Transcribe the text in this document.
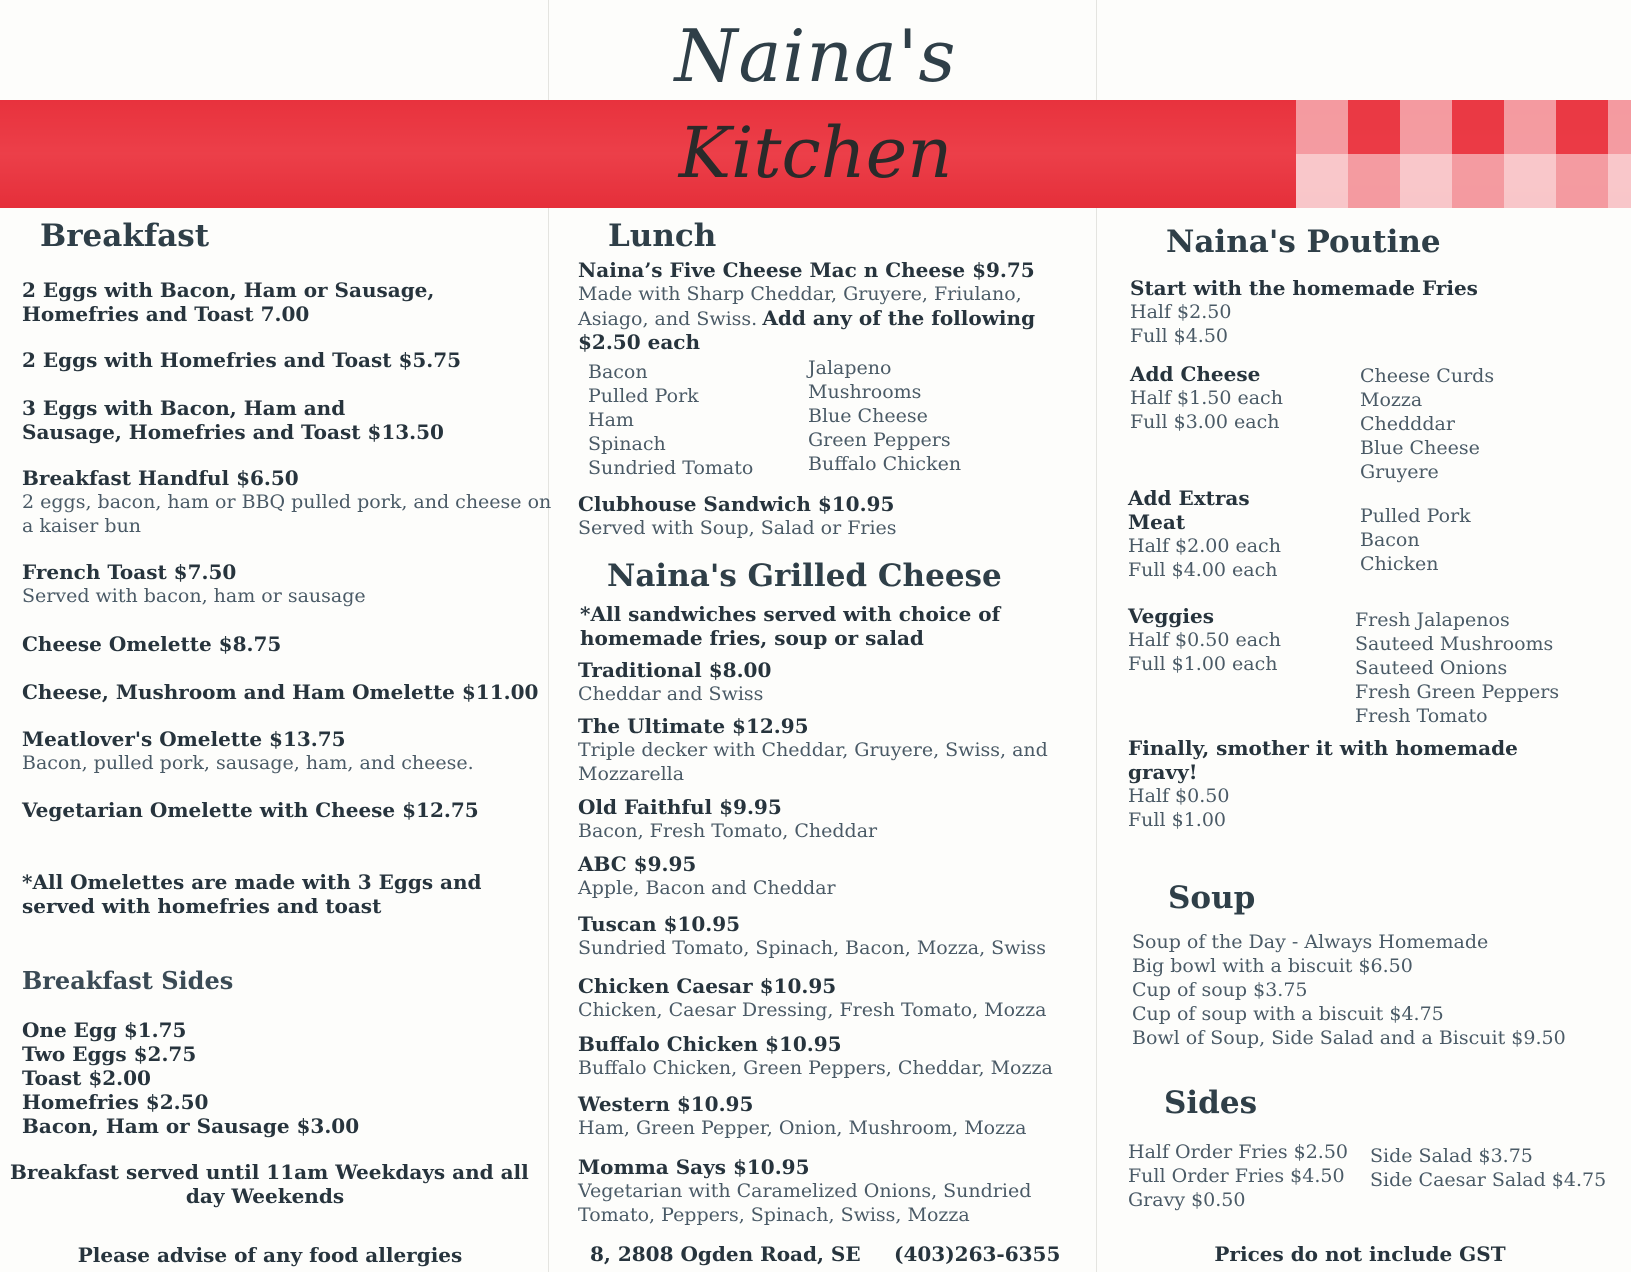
Naina's
Kitchen
Breakfast
2 Eggs with Bacon, Ham or Sausage,
Homefries and Toast 7.00
2 Eggs with Homefries and Toast $5.75
3 Eggs with Bacon, Ham and
Sausage, Homefries and Toast $13.50
Breakfast Handful $6.50
2 eggs, bacon, ham or BBQ pulled pork, and cheese on
a kaiser bun
French Toast $7.50
Served with bacon, ham or sausage
Cheese Omelette $8.75
Cheese, Mushroom and Ham Omelette $11.00
Meatlover's Omelette $13.75
Bacon, pulled pork, sausage, ham, and cheese.
Vegetarian Omelette with Cheese $12.75
*All Omelettes are made with 3 Eggs and
served with homefries and toast
Breakfast Sides
One Egg $1.75
Two Eggs $2.75
Toast $2.00
Homefries $2.50
Bacon, Ham or Sausage $3.00
Breakfast served until 11am Weekdays and all
day Weekends
Please advise of any food allergies
Lunch
Naina’s Five Cheese Mac n Cheese $9.75
Made with Sharp Cheddar, Gruyere, Friulano,
Asiago, and Swiss. Add any of the following
$2.50 each
Bacon
Pulled Pork
Ham
Spinach
Sundried Tomato
Jalapeno
Mushrooms
Blue Cheese
Green Peppers
Buffalo Chicken
Clubhouse Sandwich $10.95
Served with Soup, Salad or Fries
Naina's Grilled Cheese
*All sandwiches served with choice of
homemade fries, soup or salad
Traditional $8.00
Cheddar and Swiss
The Ultimate $12.95
Triple decker with Cheddar, Gruyere, Swiss, and
Mozzarella
Old Faithful $9.95
Bacon, Fresh Tomato, Cheddar
ABC $9.95
Apple, Bacon and Cheddar
Tuscan $10.95
Sundried Tomato, Spinach, Bacon, Mozza, Swiss
Chicken Caesar $10.95
Chicken, Caesar Dressing, Fresh Tomato, Mozza
Buffalo Chicken $10.95
Buffalo Chicken, Green Peppers, Cheddar, Mozza
Western $10.95
Ham, Green Pepper, Onion, Mushroom, Mozza
Momma Says $10.95
Vegetarian with Caramelized Onions, Sundried
Tomato, Peppers, Spinach, Swiss, Mozza
8, 2808 Ogden Road, SE (403)263-6355
Naina's Poutine
Start with the homemade Fries
Half $2.50
Full $4.50
Add Cheese
Half $1.50 each
Full $3.00 each
Cheese Curds
Mozza
Chedddar
Blue Cheese
Gruyere
Add Extras
Meat
Half $2.00 each
Full $4.00 each
Pulled Pork
Bacon
Chicken
Veggies
Half $0.50 each
Full $1.00 each
Fresh Jalapenos
Sauteed Mushrooms
Sauteed Onions
Fresh Green Peppers
Fresh Tomato
Finally, smother it with homemade
gravy!
Half $0.50
Full $1.00
Soup
Soup of the Day - Always Homemade
Big bowl with a biscuit $6.50
Cup of soup $3.75
Cup of soup with a biscuit $4.75
Bowl of Soup, Side Salad and a Biscuit $9.50
Sides
Half Order Fries $2.50
Full Order Fries $4.50
Gravy $0.50
Side Salad $3.75
Side Caesar Salad $4.75
Prices do not include GST
